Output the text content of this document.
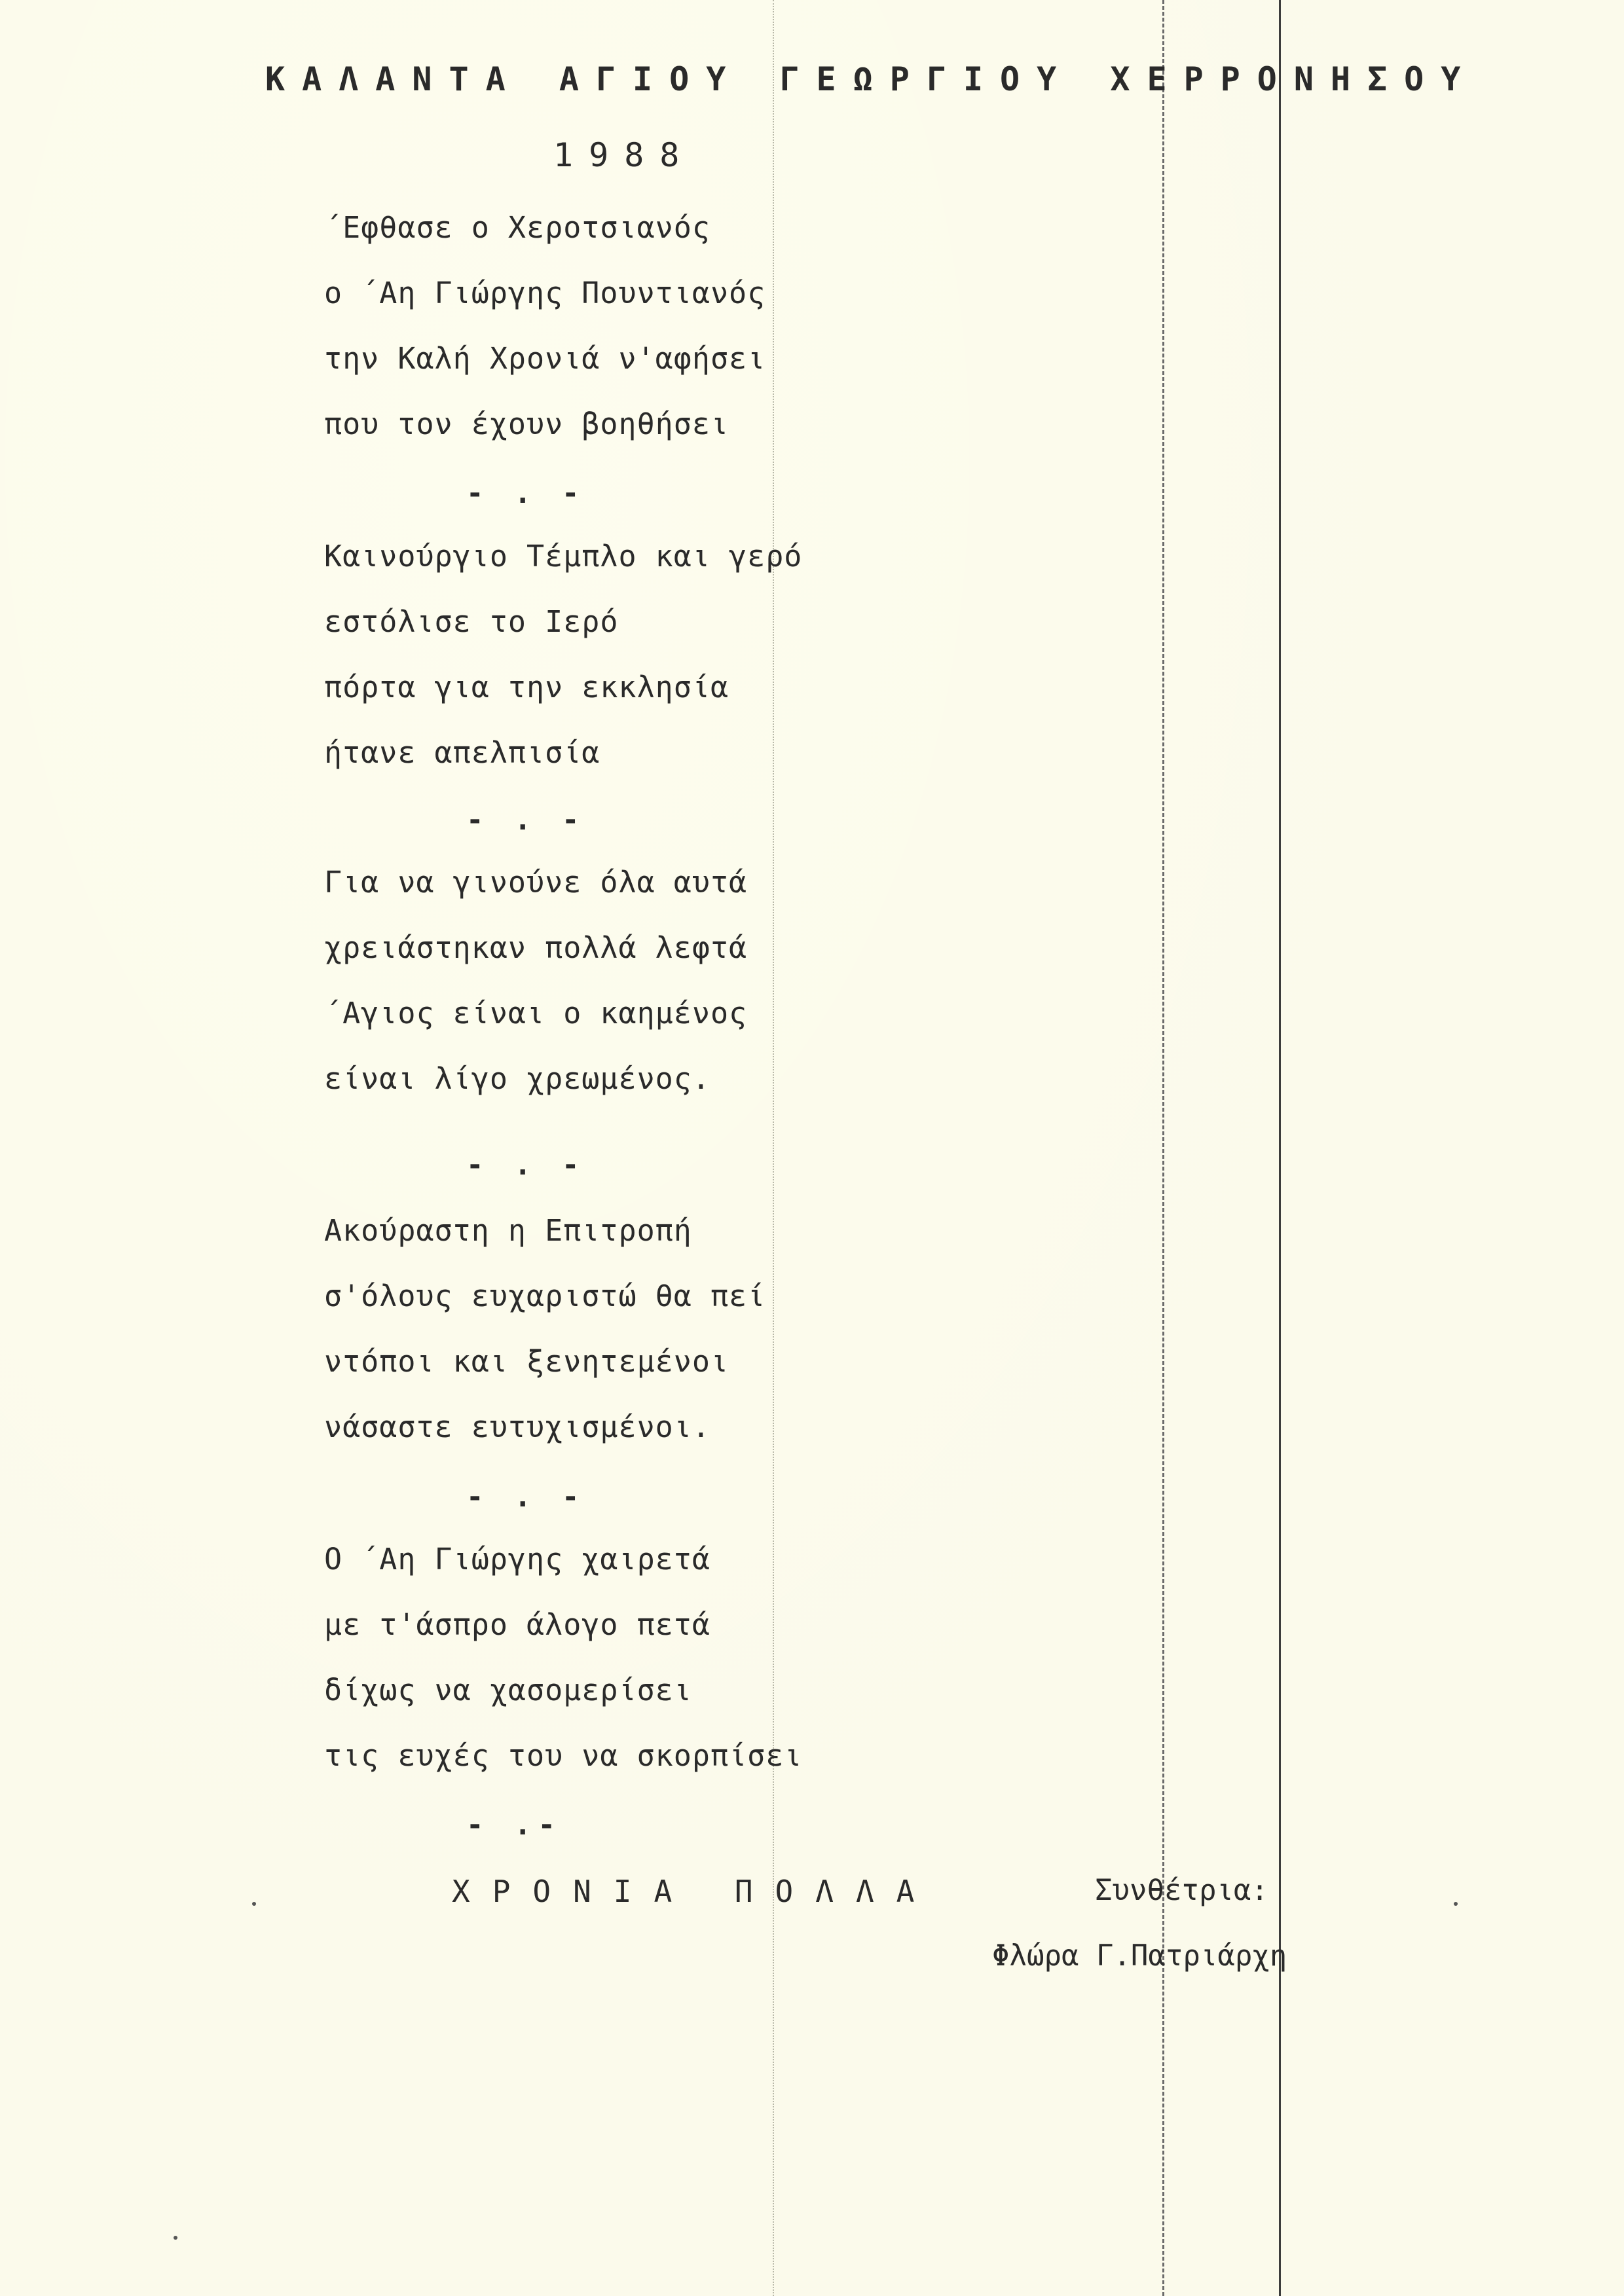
ΚΑΛΑΝΤΑ ΑΓΙΟΥ ΓΕΩΡΓΙΟΥ ΧΕΡΡΟΝΗΣΟΥ

1988

΄Εφθασε ο Χεροτσιανός
ο ΄Αη Γιώργης Πουντιανός
την Καλή Χρονιά ν'αφήσει
που τον έχουν βοηθήσει

- . -

Καινούργιο Τέμπλο και γερό
εστόλισε το Ιερό
πόρτα για την εκκλησία
ήτανε απελπισία

- . -

Για να γινούνε όλα αυτά
χρειάστηκαν πολλά λεφτά
΄Αγιος είναι ο καημένος
είναι λίγο χρεωμένος.

- . -

Ακούραστη η Επιτροπή
σ'όλους ευχαριστώ θα πεί
ντόποι και ξενητεμένοι
νάσαστε ευτυχισμένοι.

- . -

Ο ΄Αη Γιώργης χαιρετά
με τ'άσπρο άλογο πετά
δίχως να χασομερίσει
τις ευχές του να σκορπίσει

- .-

ΧΡΟΝΙΑ ΠΟΛΛΑ	Συνθέτρια:

Φλώρα Γ.Πατριάρχη
